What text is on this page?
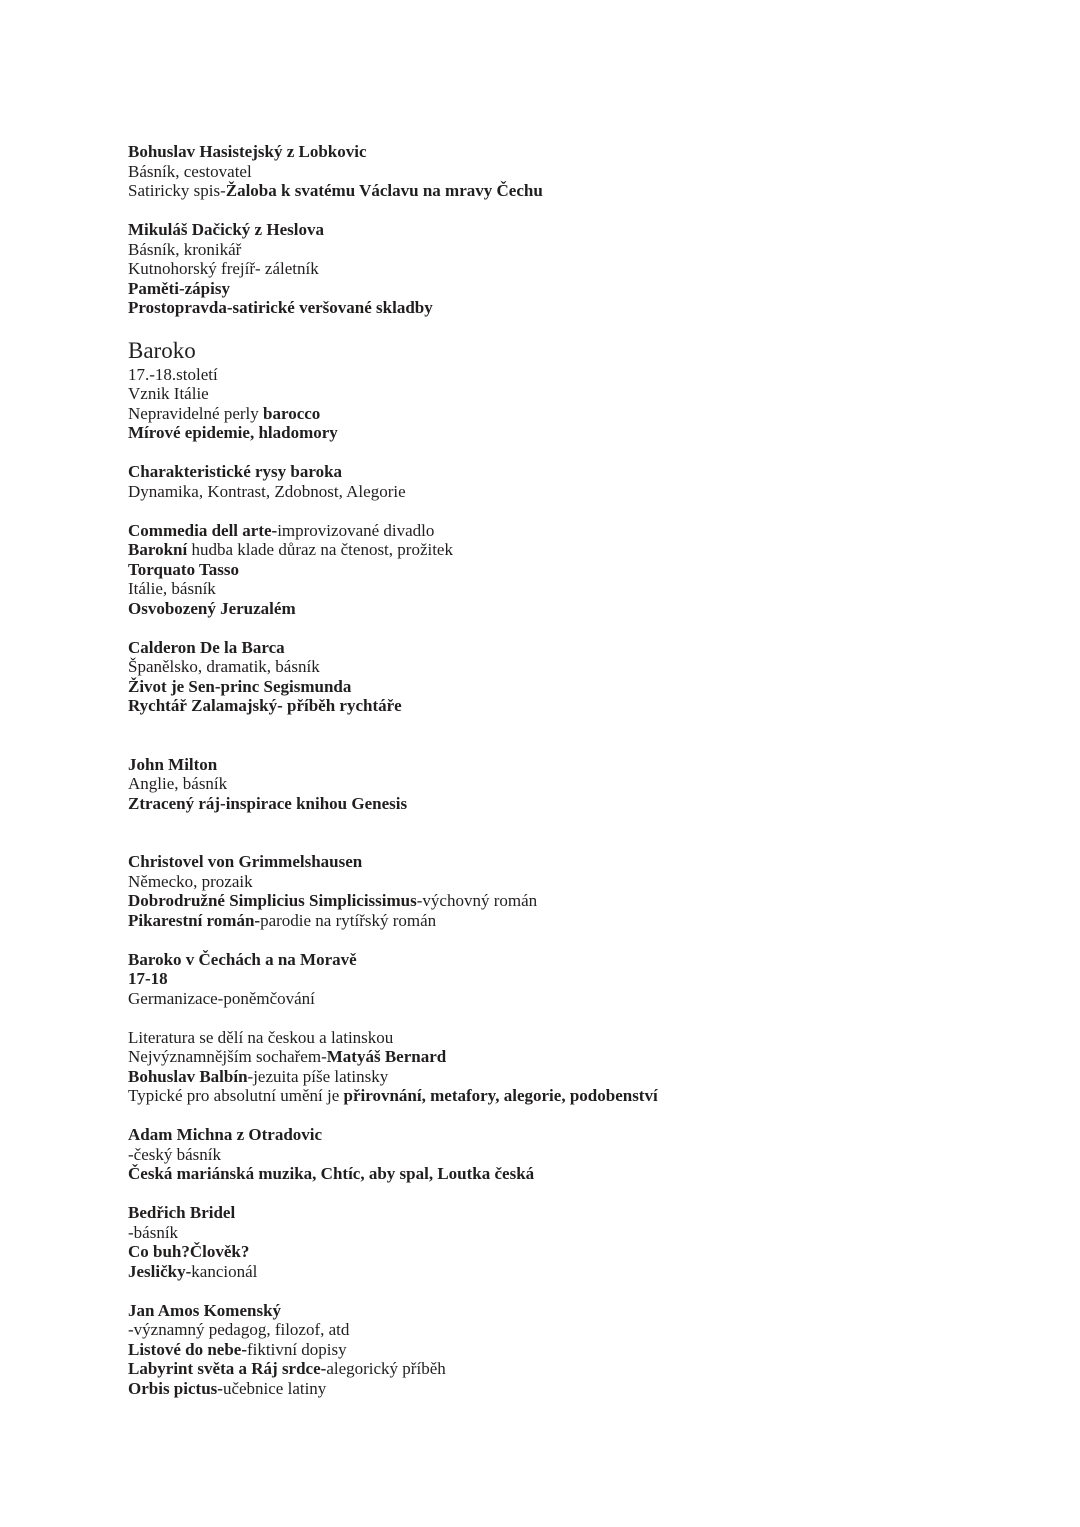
Bohuslav Hasistejský z Lobkovic

Básník, cestovatel

Satiricky spis-Žaloba k svatému Václavu na mravy Čechu

Mikuláš Dačický z Heslova

Básník, kronikář

Kutnohorský frejíř- záletník

Paměti-zápisy

Prostopravda-satirické veršované skladby

Baroko

17.-18.století

Vznik Itálie

Nepravidelné perly barocco

Mírové epidemie, hladomory

Charakteristické rysy baroka

Dynamika, Kontrast, Zdobnost, Alegorie

Commedia dell arte-improvizované divadlo

Barokní hudba klade důraz na čtenost, prožitek

Torquato Tasso

Itálie, básník

Osvobozený Jeruzalém

Calderon De la Barca

Španělsko, dramatik, básník

Život je Sen-princ Segismunda

Rychtář Zalamajský- příběh rychtáře

John Milton

Anglie, básník

Ztracený ráj-inspirace knihou Genesis

Christovel von Grimmelshausen

Německo, prozaik

Dobrodružné Simplicius Simplicissimus-výchovný román

Pikarestní román-parodie na rytířský román

Baroko v Čechách a na Moravě

17-18

Germanizace-poněmčování

Literatura se dělí na českou a latinskou

Nejvýznamnějším sochařem-Matyáš Bernard

Bohuslav Balbín-jezuita píše latinsky

Typické pro absolutní umění je přirovnání, metafory, alegorie, podobenství

Adam Michna z Otradovic

-český básník

Česká mariánská muzika, Chtíc, aby spal, Loutka česká

Bedřich Bridel

-básník

Co buh?Člověk?

Jesličky-kancionál

Jan Amos Komenský

-významný pedagog, filozof, atd

Listové do nebe-fiktivní dopisy

Labyrint světa a Ráj srdce-alegorický příběh

Orbis pictus-učebnice latiny
